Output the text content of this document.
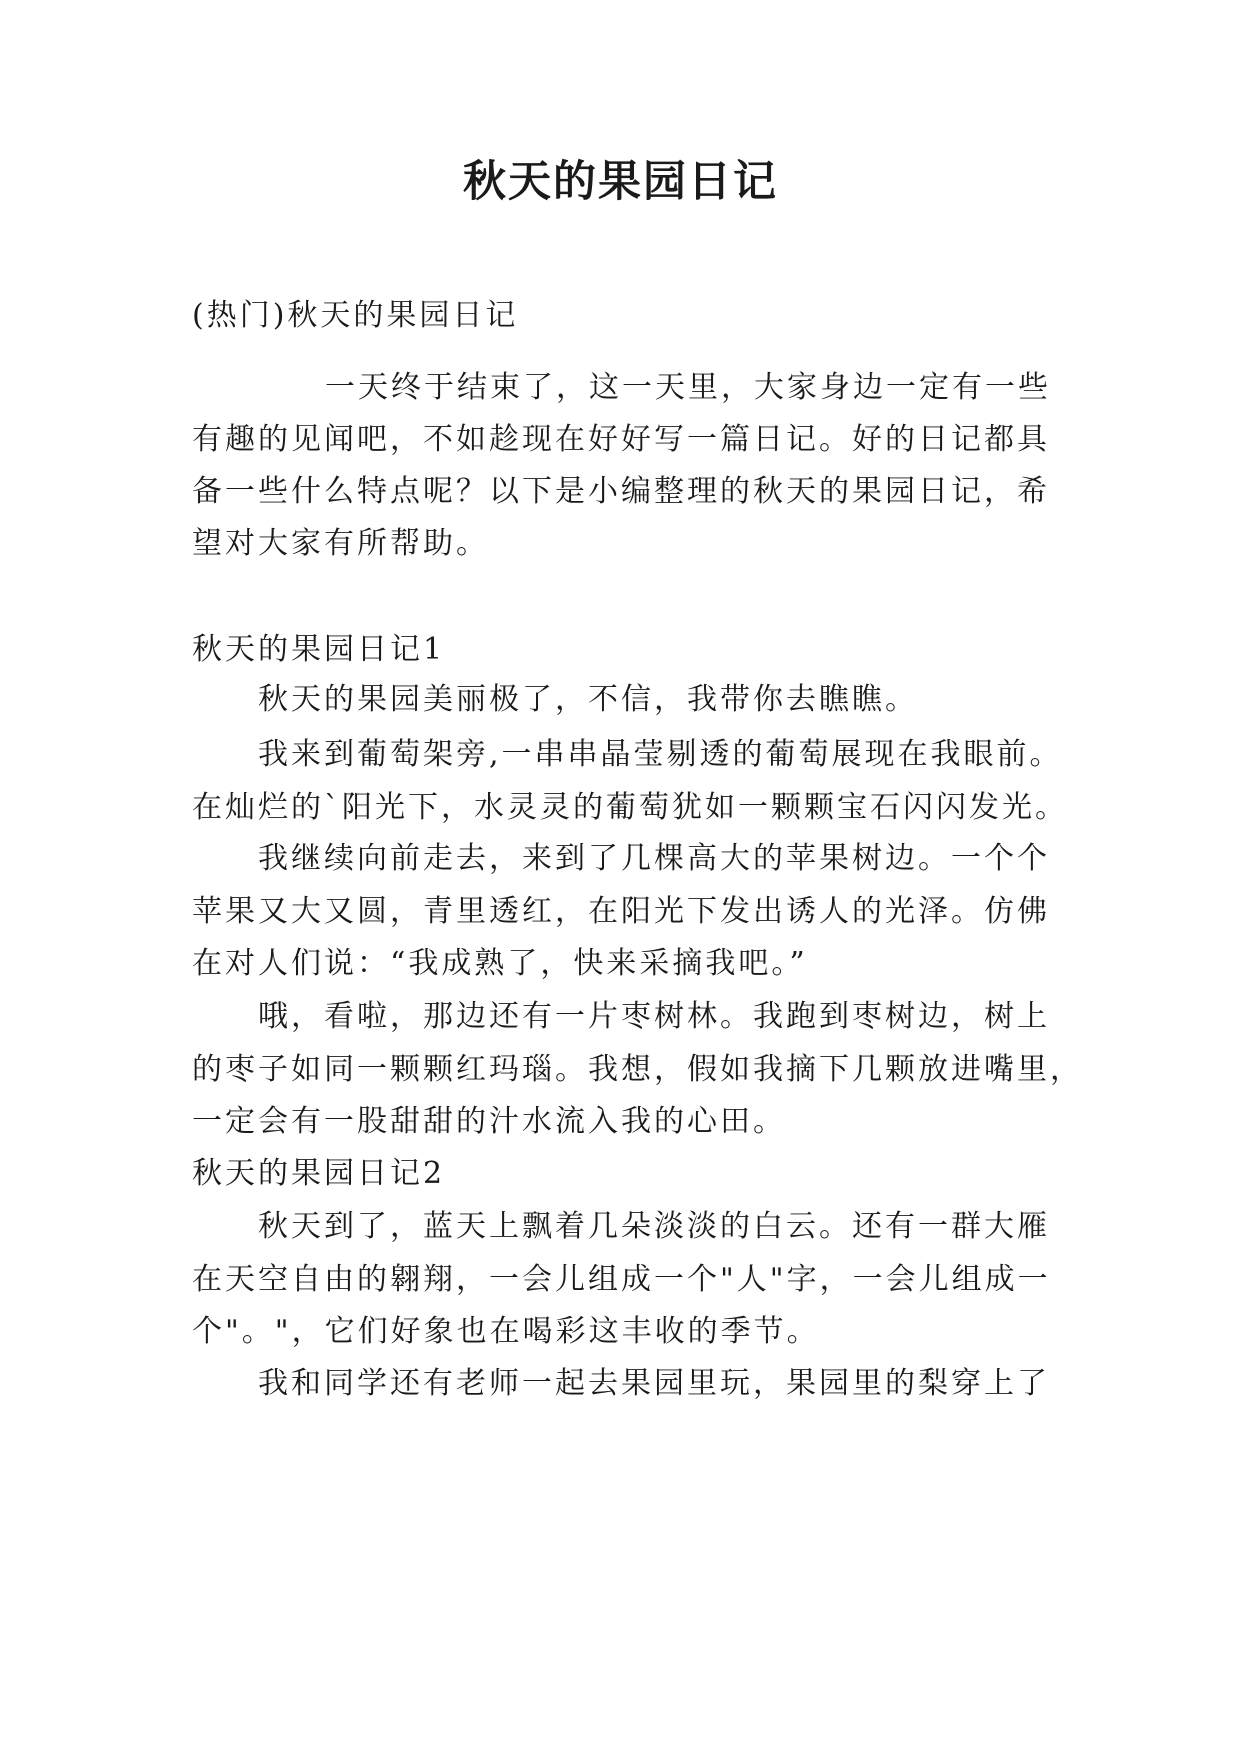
秋天的果园日记

(热门)秋天的果园日记

一天终于结束了，这一天里，大家身边一定有一些

有趣的见闻吧，不如趁现在好好写一篇日记。好的日记都具

备一些什么特点呢？以下是小编整理的秋天的果园日记，希

望对大家有所帮助。

秋天的果园日记1

秋天的果园美丽极了，不信，我带你去瞧瞧。

我来到葡萄架旁,一串串晶莹剔透的葡萄展现在我眼前。

在灿烂的`阳光下，水灵灵的葡萄犹如一颗颗宝石闪闪发光。

我继续向前走去，来到了几棵高大的苹果树边。一个个

苹果又大又圆，青里透红，在阳光下发出诱人的光泽。仿佛

在对人们说：“我成熟了，快来采摘我吧。”

哦，看啦，那边还有一片枣树林。我跑到枣树边，树上

的枣子如同一颗颗红玛瑙。我想，假如我摘下几颗放进嘴里，

一定会有一股甜甜的汁水流入我的心田。

秋天的果园日记2

秋天到了，蓝天上飘着几朵淡淡的白云。还有一群大雁

在天空自由的翱翔，一会儿组成一个"人"字，一会儿组成一

个"。"，它们好象也在喝彩这丰收的季节。

我和同学还有老师一起去果园里玩，果园里的梨穿上了
